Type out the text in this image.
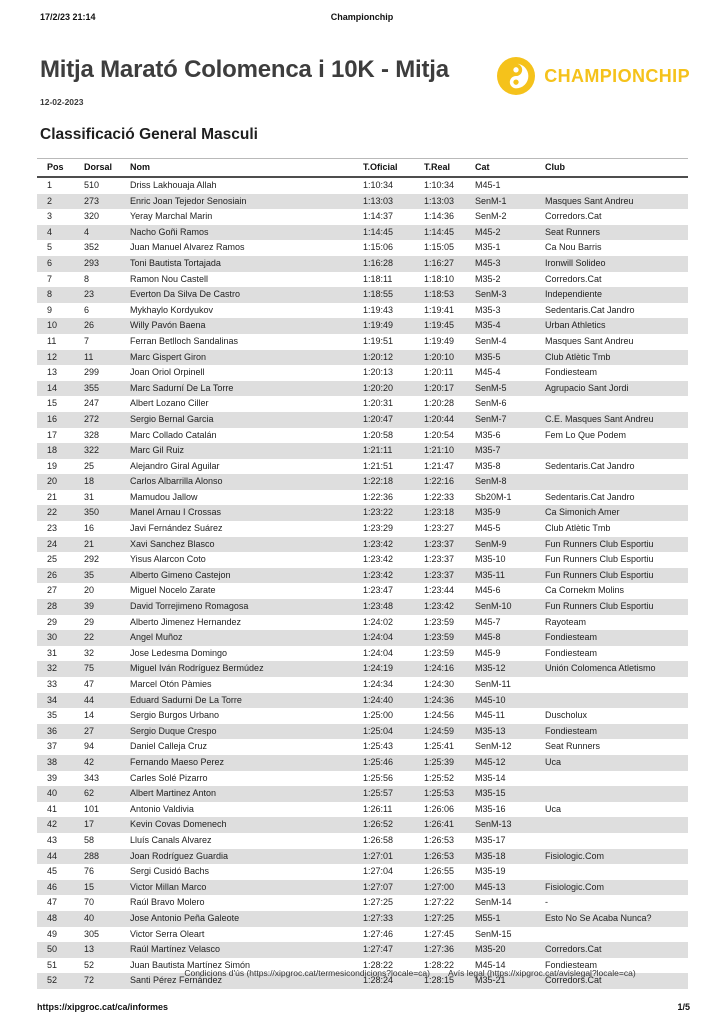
17/2/23 21:14	Championchip
Mitja Marató Colomenca i 10K - Mitja	CHAMPIONCHIP
12-02-2023
Classificació General Masculi
Pos	Dorsal	Nom	T.Oficial	T.Real	Cat	Club
1	510	Driss Lakhouaja Allah	1:10:34	1:10:34	M45-1	
2	273	Enric Joan Tejedor Senosiain	1:13:03	1:13:03	SenM-1	Masques Sant Andreu
3	320	Yeray Marchal Marin	1:14:37	1:14:36	SenM-2	Corredors.Cat
4	4	Nacho Goñi Ramos	1:14:45	1:14:45	M45-2	Seat Runners
5	352	Juan Manuel Alvarez Ramos	1:15:06	1:15:05	M35-1	Ca Nou Barris
6	293	Toni Bautista Tortajada	1:16:28	1:16:27	M45-3	Ironwill Solideo
7	8	Ramon Nou Castell	1:18:11	1:18:10	M35-2	Corredors.Cat
8	23	Everton Da Silva De Castro	1:18:55	1:18:53	SenM-3	Independiente
9	6	Mykhaylo Kordyukov	1:19:43	1:19:41	M35-3	Sedentaris.Cat Jandro
10	26	Willy Pavón Baena	1:19:49	1:19:45	M35-4	Urban Athletics
11	7	Ferran Betlloch Sandalinas	1:19:51	1:19:49	SenM-4	Masques Sant Andreu
12	11	Marc Gispert Giron	1:20:12	1:20:10	M35-5	Club Atlètic Tmb
13	299	Joan Oriol Orpinell	1:20:13	1:20:11	M45-4	Fondiesteam
14	355	Marc Sadurní De La Torre	1:20:20	1:20:17	SenM-5	Agrupacio Sant Jordi
15	247	Albert Lozano Ciller	1:20:31	1:20:28	SenM-6	
16	272	Sergio Bernal Garcia	1:20:47	1:20:44	SenM-7	C.E. Masques Sant Andreu
17	328	Marc Collado Catalán	1:20:58	1:20:54	M35-6	Fem Lo Que Podem
18	322	Marc Gil Ruiz	1:21:11	1:21:10	M35-7	
19	25	Alejandro Giral Aguilar	1:21:51	1:21:47	M35-8	Sedentaris.Cat Jandro
20	18	Carlos Albarrilla Alonso	1:22:18	1:22:16	SenM-8	
21	31	Mamudou Jallow	1:22:36	1:22:33	Sb20M-1	Sedentaris.Cat Jandro
22	350	Manel Arnau I Crossas	1:23:22	1:23:18	M35-9	Ca Simonich Amer
23	16	Javi Fernández Suárez	1:23:29	1:23:27	M45-5	Club Atlètic Tmb
24	21	Xavi Sanchez Blasco	1:23:42	1:23:37	SenM-9	Fun Runners Club Esportiu
25	292	Yisus Alarcon Coto	1:23:42	1:23:37	M35-10	Fun Runners Club Esportiu
26	35	Alberto Gimeno Castejon	1:23:42	1:23:37	M35-11	Fun Runners Club Esportiu
27	20	Miguel Nocelo Zarate	1:23:47	1:23:44	M45-6	Ca Cornekm Molins
28	39	David Torrejimeno Romagosa	1:23:48	1:23:42	SenM-10	Fun Runners Club Esportiu
29	29	Alberto Jimenez Hernandez	1:24:02	1:23:59	M45-7	Rayoteam
30	22	Angel Muñoz	1:24:04	1:23:59	M45-8	Fondiesteam
31	32	Jose Ledesma Domingo	1:24:04	1:23:59	M45-9	Fondiesteam
32	75	Miguel Iván Rodríguez Bermúdez	1:24:19	1:24:16	M35-12	Unión Colomenca Atletismo
33	47	Marcel Otón Pàmies	1:24:34	1:24:30	SenM-11	
34	44	Eduard Sadurni De La Torre	1:24:40	1:24:36	M45-10	
35	14	Sergio Burgos Urbano	1:25:00	1:24:56	M45-11	Duscholux
36	27	Sergio Duque Crespo	1:25:04	1:24:59	M35-13	Fondiesteam
37	94	Daniel Calleja Cruz	1:25:43	1:25:41	SenM-12	Seat Runners
38	42	Fernando Maeso Perez	1:25:46	1:25:39	M45-12	Uca
39	343	Carles Solé Pizarro	1:25:56	1:25:52	M35-14	
40	62	Albert Martinez Anton	1:25:57	1:25:53	M35-15	
41	101	Antonio Valdivia	1:26:11	1:26:06	M35-16	Uca
42	17	Kevin Covas Domenech	1:26:52	1:26:41	SenM-13	
43	58	Lluís Canals Alvarez	1:26:58	1:26:53	M35-17	
44	288	Joan Rodríguez Guardia	1:27:01	1:26:53	M35-18	Fisiologic.Com
45	76	Sergi Cusidó Bachs	1:27:04	1:26:55	M35-19	
46	15	Victor Millan Marco	1:27:07	1:27:00	M45-13	Fisiologic.Com
47	70	Raúl Bravo Molero	1:27:25	1:27:22	SenM-14	-
48	40	Jose Antonio Peña Galeote	1:27:33	1:27:25	M55-1	Esto No Se Acaba Nunca?
49	305	Victor Serra Oleart	1:27:46	1:27:45	SenM-15	
50	13	Raúl Martínez Velasco	1:27:47	1:27:36	M35-20	Corredors.Cat
51	52	Juan Bautista Martínez Simón	1:28:22	1:28:22	M45-14	Fondiesteam
52	72	Santi Pérez Fernández	1:28:24	1:28:15	M35-21	Corredors.Cat
Condicions d'ús (https://xipgroc.cat/termesicondicions?locale=ca) Avís legal (https://xipgroc.cat/avislegal?locale=ca)
https://xipgroc.cat/ca/informes	1/5
